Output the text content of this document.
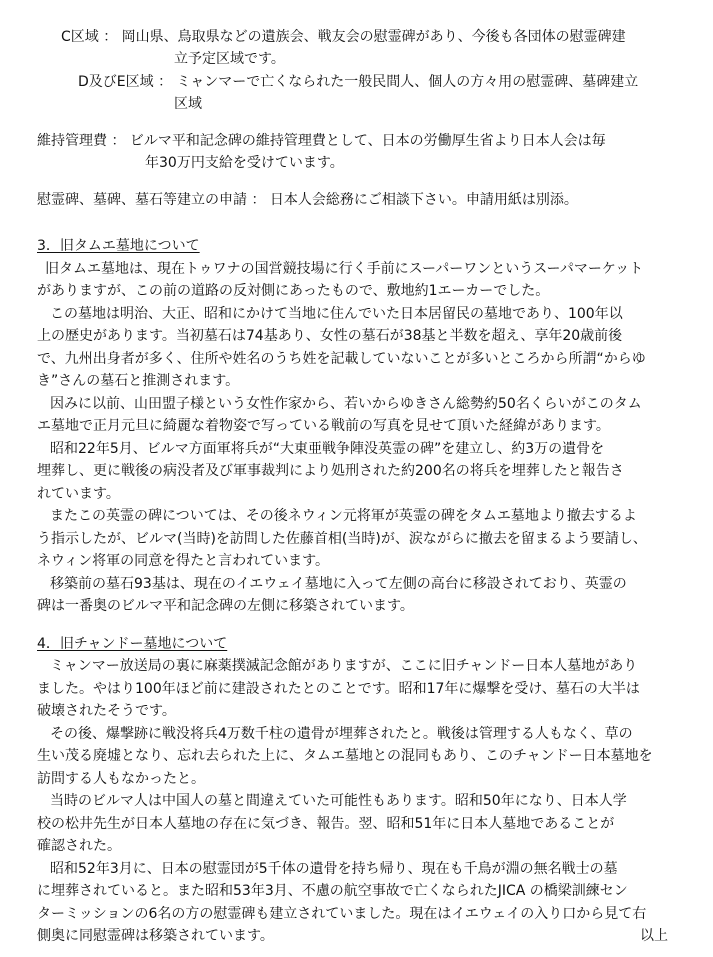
C区域 ： 岡山県、鳥取県などの遺族会、戦友会の慰霊碑があり、今後も各団体の慰霊碑建
立予定区域です。
D及びE区域 ： ミャンマーで亡くなられた一般民間人、個人の方々用の慰霊碑、墓碑建立
区域
維持管理費 ： ビルマ平和記念碑の維持管理費として、日本の労働厚生省より日本人会は毎
年30万円支給を受けています。
慰霊碑、墓碑、墓石等建立の申請 ： 日本人会総務にご相談下さい。申請用紙は別添。
3．旧タムエ墓地について
旧タムエ墓地は、現在トゥワナの国営競技場に行く手前にスーパーワンというスーパマーケット
がありますが、この前の道路の反対側にあったもので、敷地約1エーカーでした。
この墓地は明治、大正、昭和にかけて当地に住んでいた日本居留民の墓地であり、100年以
上の歴史があります。当初墓石は74基あり、女性の墓石が38基と半数を超え、享年20歳前後
で、九州出身者が多く、住所や姓名のうち姓を記載していないことが多いところから所謂“からゆ
き”さんの墓石と推測されます。
因みに以前、山田盟子様という女性作家から、若いからゆきさん総勢約50名くらいがこのタム
エ墓地で正月元旦に綺麗な着物姿で写っている戦前の写真を見せて頂いた経緯があります。
昭和22年5月、ビルマ方面軍将兵が“大東亜戦争陣没英霊の碑”を建立し、約3万の遺骨を
埋葬し、更に戦後の病没者及び軍事裁判により処刑された約200名の将兵を埋葬したと報告さ
れています。
またこの英霊の碑については、その後ネウィン元将軍が英霊の碑をタムエ墓地より撤去するよ
う指示したが、ビルマ(当時)を訪問した佐藤首相(当時)が、涙ながらに撤去を留まるよう要請し、
ネウィン将軍の同意を得たと言われています。
移築前の墓石93基は、現在のイエウェイ墓地に入って左側の高台に移設されており、英霊の
碑は一番奥のビルマ平和記念碑の左側に移築されています。
4．旧チャンドー墓地について
ミャンマー放送局の裏に麻薬撲滅記念館がありますが、ここに旧チャンドー日本人墓地があり
ました。やはり100年ほど前に建設されたとのことです。昭和17年に爆撃を受け、墓石の大半は
破壊されたそうです。
その後、爆撃跡に戦没将兵4万数千柱の遺骨が埋葬されたと。戦後は管理する人もなく、草の
生い茂る廃墟となり、忘れ去られた上に、タムエ墓地との混同もあり、このチャンドー日本墓地を
訪問する人もなかったと。
当時のビルマ人は中国人の墓と間違えていた可能性もあります。昭和50年になり、日本人学
校の松井先生が日本人墓地の存在に気づき、報告。翌、昭和51年に日本人墓地であることが
確認された。
昭和52年3月に、日本の慰霊団が5千体の遺骨を持ち帰り、現在も千鳥が淵の無名戦士の墓
に埋葬されていると。また昭和53年3月、不慮の航空事故で亡くなられたJICA の橋梁訓練セン
ターミッションの6名の方の慰霊碑も建立されていました。現在はイエウェイの入り口から見て右
側奥に同慰霊碑は移築されています。	以上
